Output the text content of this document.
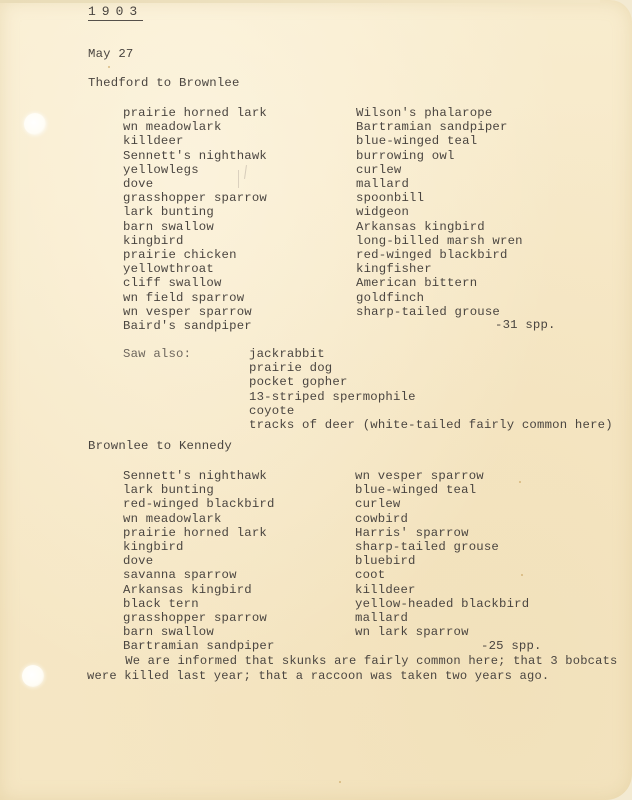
1903
May 27
Thedford to Brownlee
prairie horned lark
wn meadowlark
killdeer
Sennett's nighthawk
yellowlegs
dove
grasshopper sparrow
lark bunting
barn swallow
kingbird
prairie chicken
yellowthroat
cliff swallow
wn field sparrow
wn vesper sparrow
Baird's sandpiper
Wilson's phalarope
Bartramian sandpiper
blue-winged teal
burrowing owl
curlew
mallard
spoonbill
widgeon
Arkansas kingbird
long-billed marsh wren
red-winged blackbird
kingfisher
American bittern
goldfinch
sharp-tailed grouse
-31 spp.
Saw also:	jackrabbit
prairie dog
pocket gopher
13-striped spermophile
coyote
tracks of deer (white-tailed fairly common here)
Brownlee to Kennedy
Sennett's nighthawk
lark bunting
red-winged blackbird
wn meadowlark
prairie horned lark
kingbird
dove
savanna sparrow
Arkansas kingbird
black tern
grasshopper sparrow
barn swallow
Bartramian sandpiper
wn vesper sparrow
blue-winged teal
curlew
cowbird
Harris' sparrow
sharp-tailed grouse
bluebird
coot
killdeer
yellow-headed blackbird
mallard
wn lark sparrow
-25 spp.
We are informed that skunks are fairly common here; that 3 bobcats
were killed last year; that a raccoon was taken two years ago.
